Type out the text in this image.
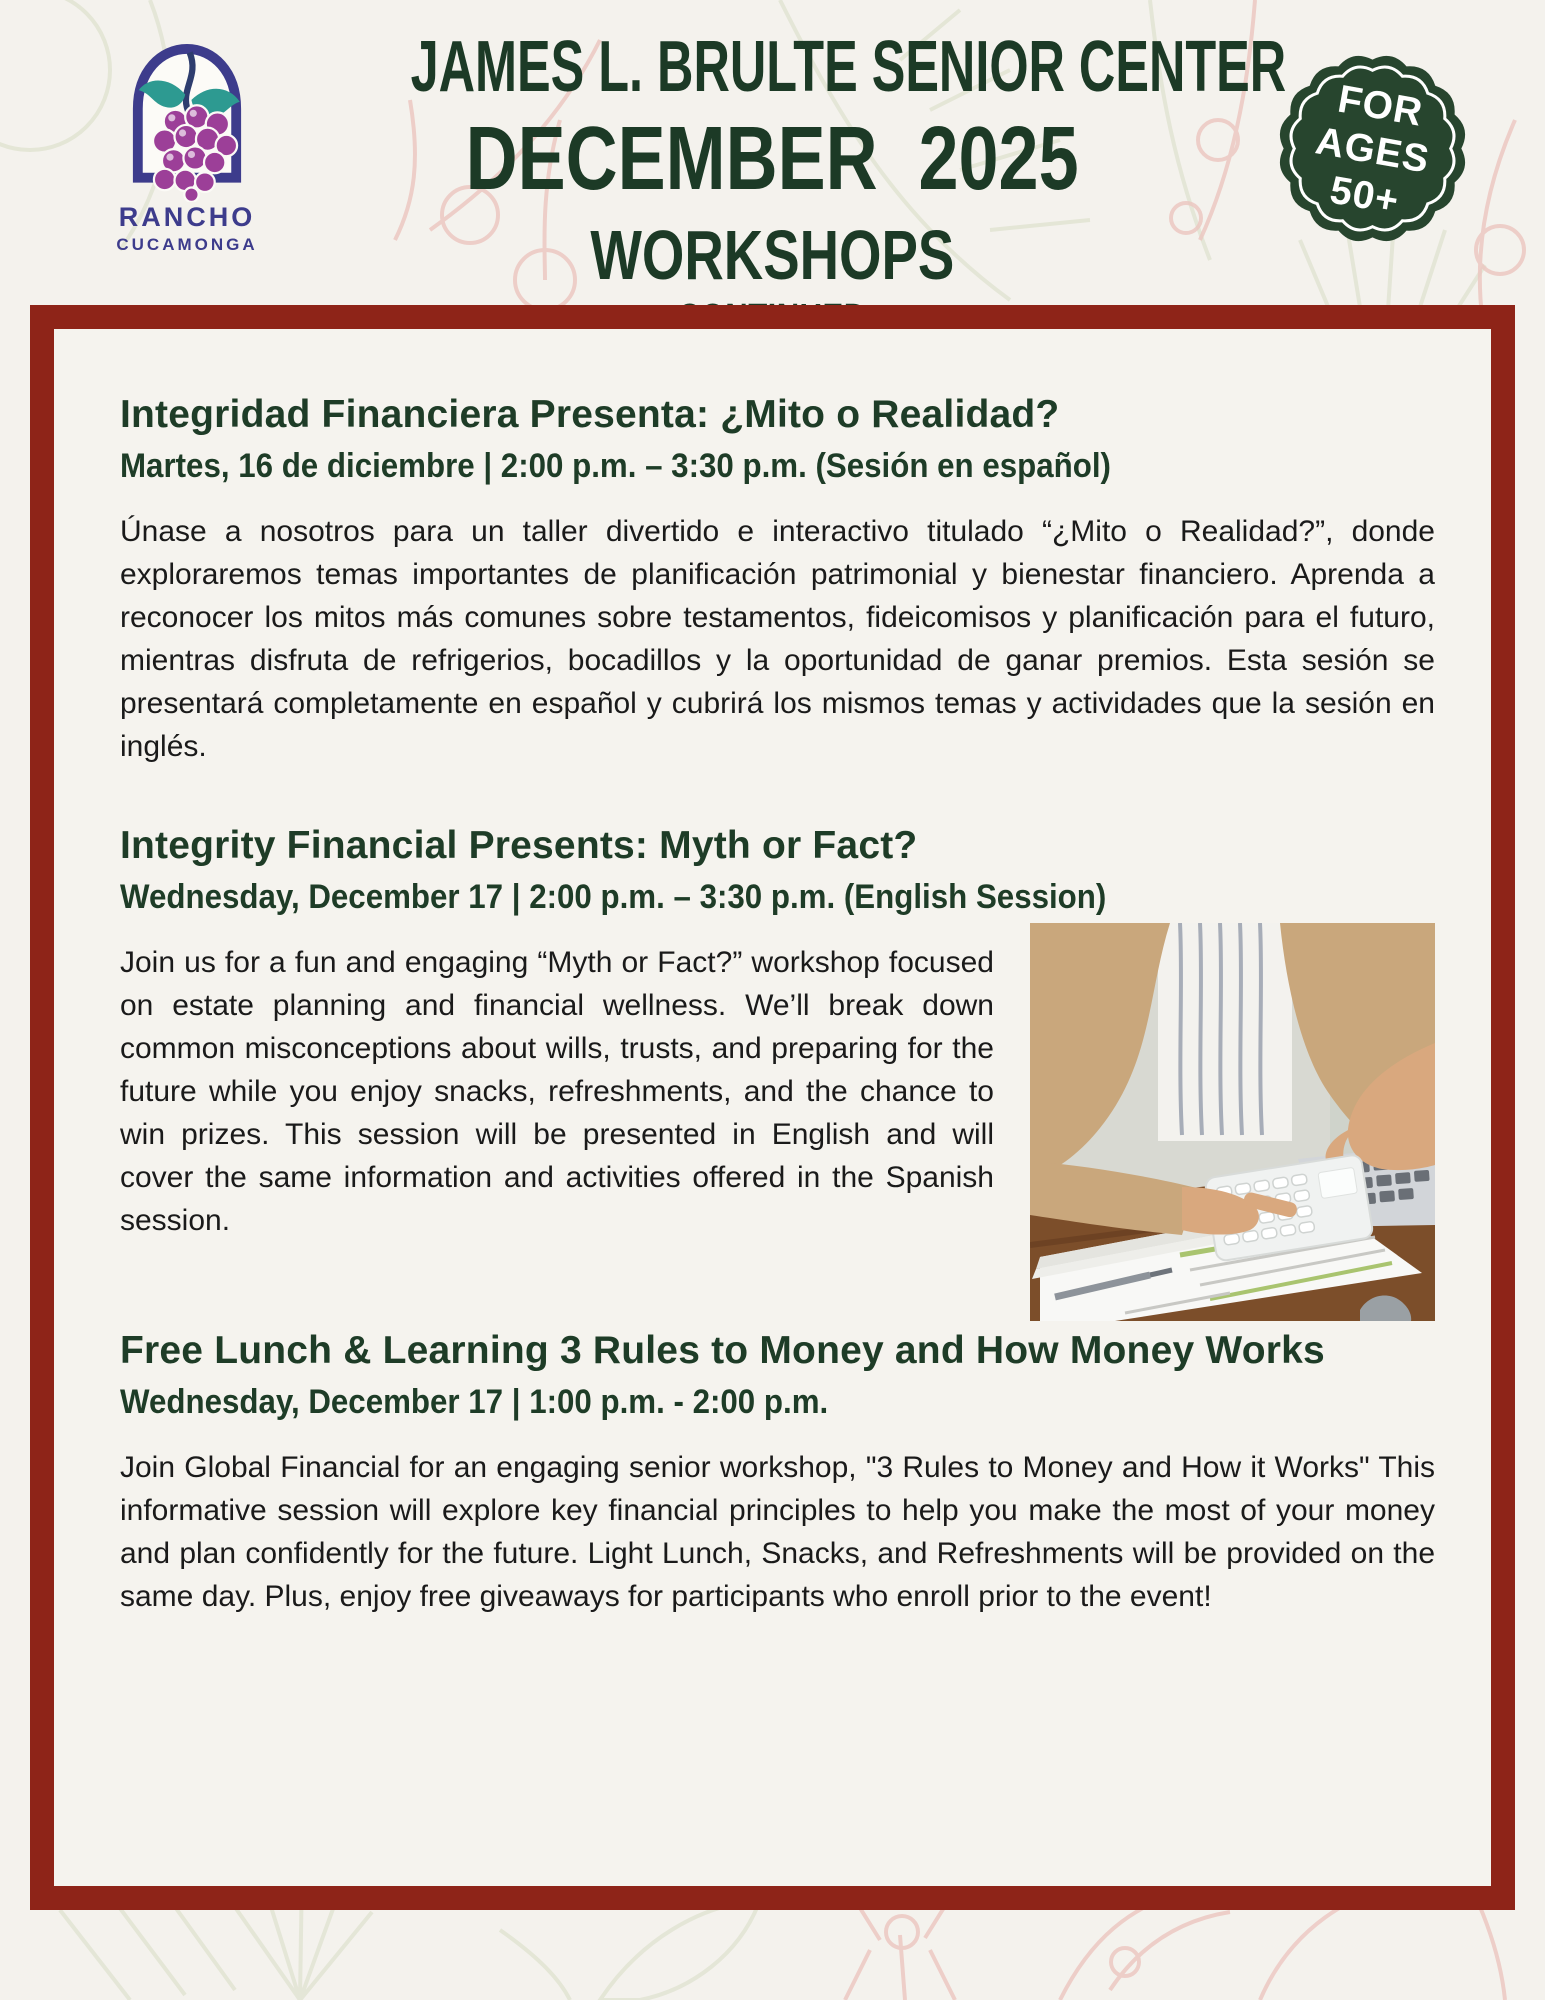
RANCHO
CUCAMONGA
JAMES L. BRULTE SENIOR CENTER
DECEMBER 2025
WORKSHOPS
FOR
AGES
50+
Integridad Financiera Presenta: ¿Mito o Realidad?
Martes, 16 de diciembre | 2:00 p.m. – 3:30 p.m. (Sesión en español)

Únase a nosotros para un taller divertido e interactivo titulado “¿Mito o Realidad?”, donde exploraremos temas importantes de planificación patrimonial y bienestar financiero. Aprenda a reconocer los mitos más comunes sobre testamentos, fideicomisos y planificación para el futuro, mientras disfruta de refrigerios, bocadillos y la oportunidad de ganar premios. Esta sesión se presentará completamente en español y cubrirá los mismos temas y actividades que la sesión en inglés.

Integrity Financial Presents: Myth or Fact?
Wednesday, December 17 | 2:00 p.m. – 3:30 p.m. (English Session)

Join us for a fun and engaging “Myth or Fact?” workshop focused on estate planning and financial wellness. We’ll break down common misconceptions about wills, trusts, and preparing for the future while you enjoy snacks, refreshments, and the chance to win prizes. This session will be presented in English and will cover the same information and activities offered in the Spanish session.

Free Lunch & Learning 3 Rules to Money and How Money Works
Wednesday, December 17 | 1:00 p.m. - 2:00 p.m.

Join Global Financial for an engaging senior workshop, "3 Rules to Money and How it Works" This informative session will explore key financial principles to help you make the most of your money and plan confidently for the future. Light Lunch, Snacks, and Refreshments will be provided on the same day. Plus, enjoy free giveaways for participants who enroll prior to the event!
